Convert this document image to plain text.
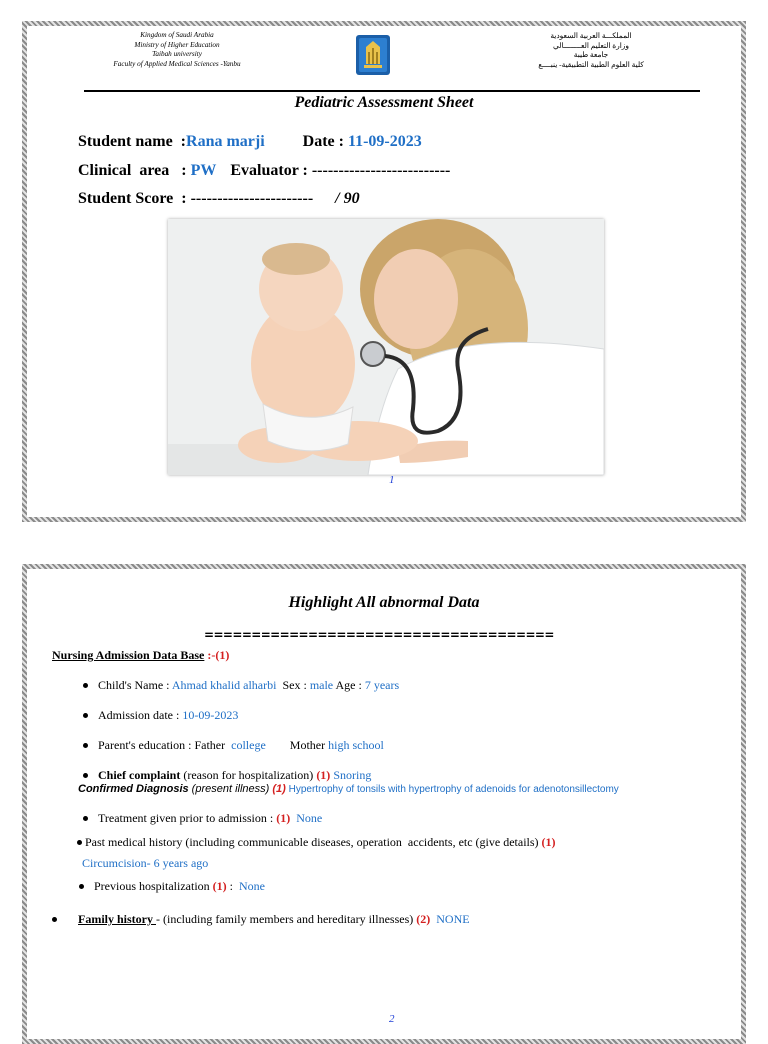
Kingdom of Saudi Arabia
Ministry of Higher Education
Taibah university
Faculty of Applied Medical Sciences -Yanbu
المملكـــة العربية السعودية
وزارة التعليم العــــــــالي
جامعة طيبة
كلية العلوم الطبية التطبيقية- ينبــــع
Pediatric Assessment Sheet
Student name  :Rana marji Date : 11-09-2023
Clinical  area   : PW Evaluator : --------------------------
Student Score  : ----------------------- / 90
1
Highlight All abnormal Data
=====================================
Nursing Admission Data Base :-(1)
Child's Name : Ahmad khalid alharbi  Sex : male Age : 7 years
Admission date : 10-09-2023
Parent's education : Father  college        Mother high school
Chief complaint (reason for hospitalization) (1) Snoring
Confirmed Diagnosis (present illness) (1) Hypertrophy of tonsils with hypertrophy of adenoids for adenotonsillectomy
Treatment given prior to admission : (1)  None
Past medical history (including communicable diseases, operation  accidents, etc (give details) (1)
Circumcision- 6 years ago
Previous hospitalization (1) :  None
Family history - (including family members and hereditary illnesses) (2)  NONE
2
